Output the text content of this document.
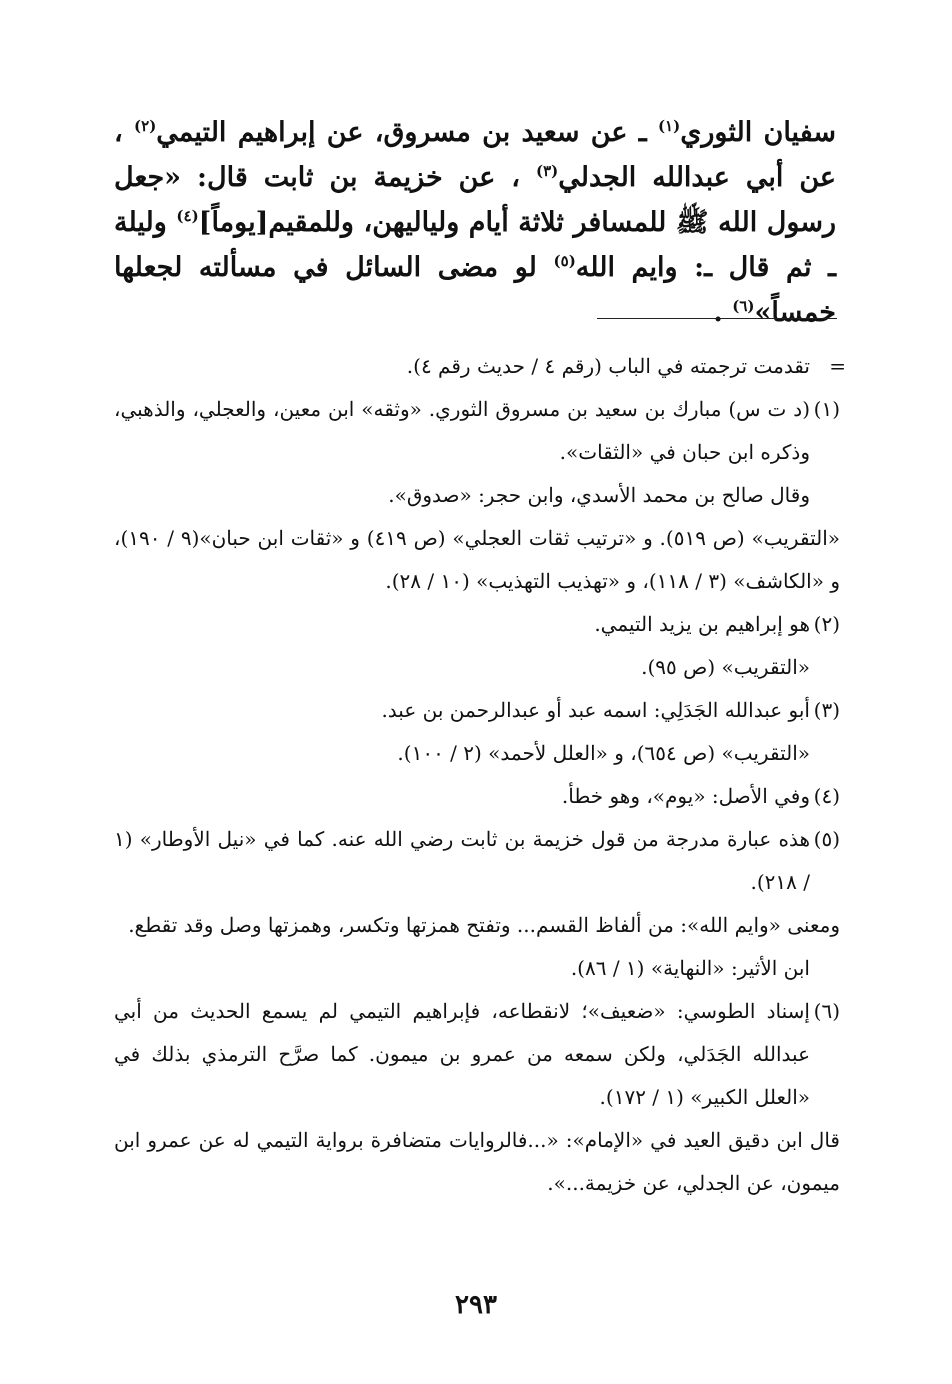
سفيان الثوري$^{(١)}$ ـ عن سعيد بن مسروق، عن إبراهيم التيمي$^{(٢)}$ ، عن أبي عبدالله الجدلي$^{(٣)}$ ، عن خزيمة بن ثابت قال: «جعل رسول الله ﷺ للمسافر ثلاثة أيام ولياليهن، وللمقيم[يوماً]$^{(٤)}$ وليلة ـ ثم قال ـ: وايم الله$^{(٥)}$ لو مضى السائل في مسألته لجعلها خمساً»$^{(٦)}$ .
=

تقدمت ترجمته في الباب (رقم ٤ / حديث رقم ٤).

(١)

(د ت س) مبارك بن سعيد بن مسروق الثوري. «وثقه» ابن معين، والعجلي، والذهبي، وذكره ابن حبان في «الثقات».

وقال صالح بن محمد الأسدي، وابن حجر: «صدوق».

«التقريب» (ص ٥١٩). و «ترتيب ثقات العجلي» (ص ٤١٩) و «ثقات ابن حبان»(٩ / ١٩٠)، و «الكاشف» (٣ / ١١٨)، و «تهذيب التهذيب» (١٠ / ٢٨).

(٢)

هو إبراهيم بن يزيد التيمي.

«التقريب» (ص ٩٥).

(٣)

أبو عبدالله الجَدَلِي: اسمه عبد أو عبدالرحمن بن عبد.

«التقريب» (ص ٦٥٤)، و «العلل لأحمد» (٢ / ١٠٠).

(٤)

وفي الأصل: «يوم»، وهو خطأ.

(٥)

هذه عبارة مدرجة من قول خزيمة بن ثابت رضي الله عنه. كما في «نيل الأوطار» (١ / ٢١٨).

ومعنى «وايم الله»: من ألفاظ القسم... وتفتح همزتها وتكسر، وهمزتها وصل وقد تقطع.

ابن الأثير: «النهاية» (١ / ٨٦).

(٦)

إسناد الطوسي: «ضعيف»؛ لانقطاعه، فإبراهيم التيمي لم يسمع الحديث من أبي عبدالله الجَدَلي، ولكن سمعه من عمرو بن ميمون. كما صرَّح الترمذي بذلك في «العلل الكبير» (١ / ١٧٢).

قال ابن دقيق العيد في «الإمام»: «...فالروايات متضافرة برواية التيمي له عن عمرو ابن ميمون، عن الجدلي، عن خزيمة...».

٢٩٣
